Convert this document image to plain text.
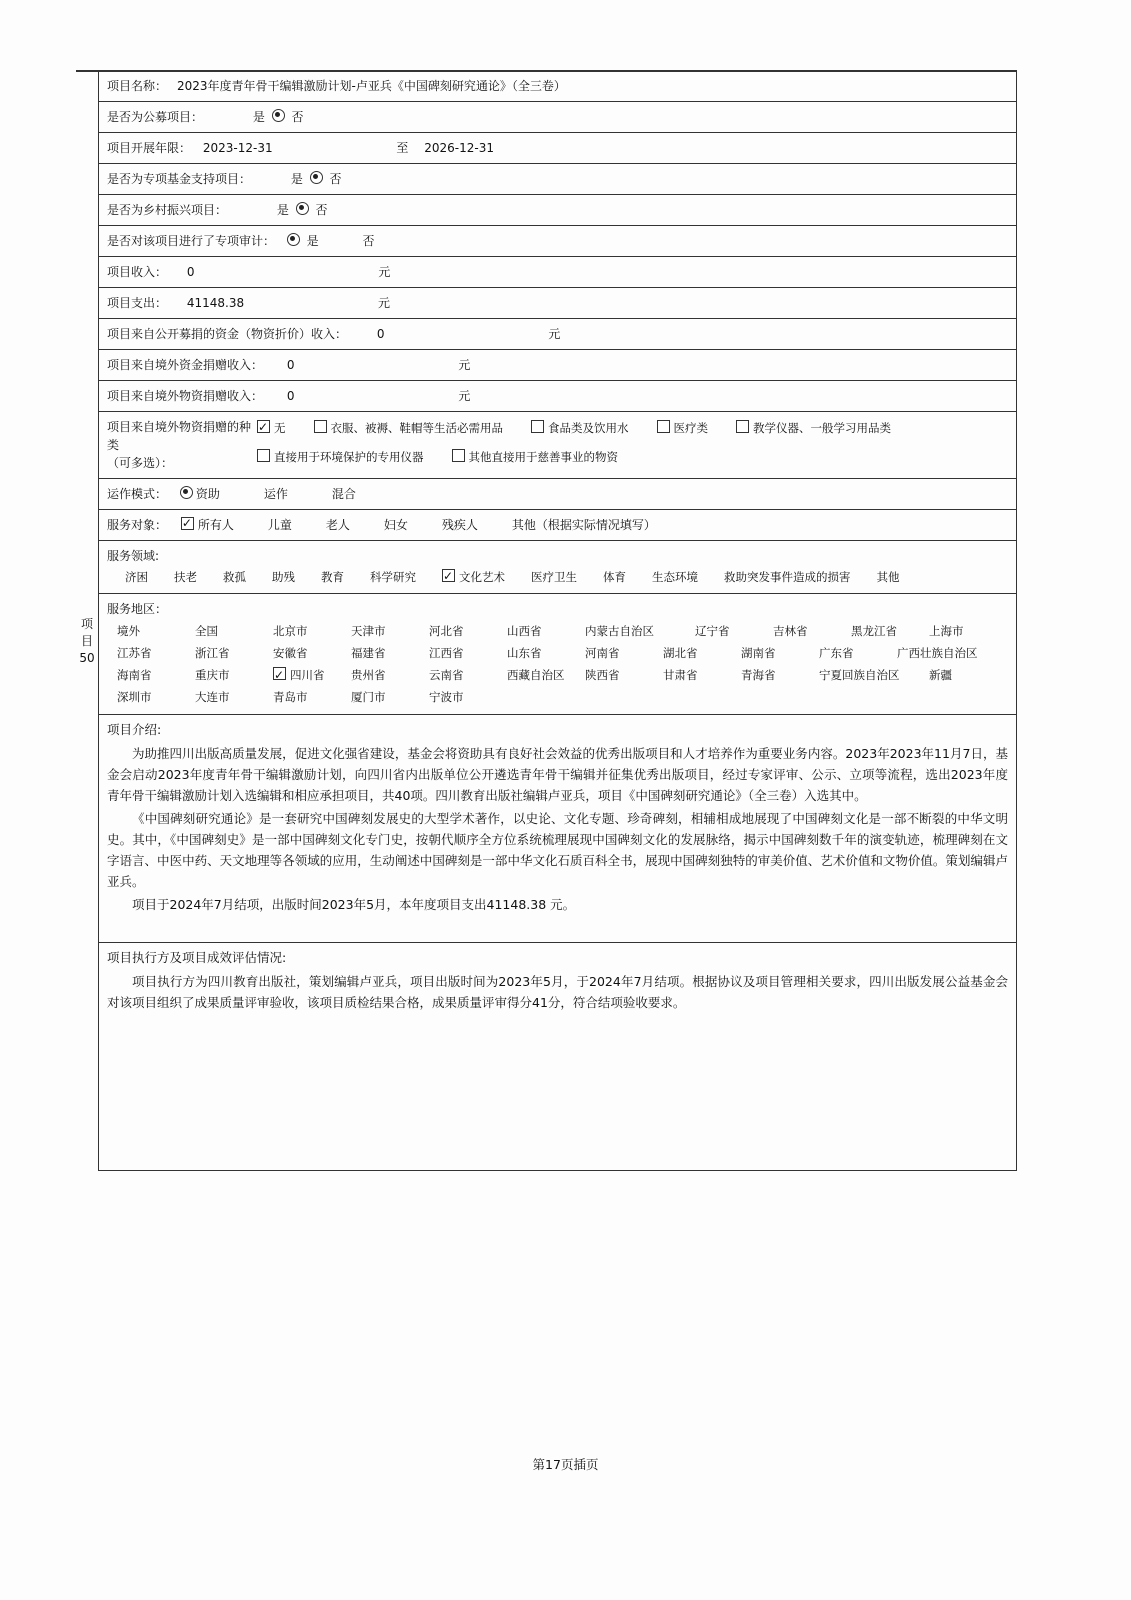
项 目 50
项目名称： 2023年度青年骨干编辑激励计划-卢亚兵《中国碑刻研究通论》（全三卷）

是否为公募项目：	是 否
项目开展年限： 2023-12-31	至 2026-12-31
是否为专项基金支持项目：	是 否
是否为乡村振兴项目：	是 否
是否对该项目进行了专项审计：	是	否
项目收入： 0	元
项目支出： 41148.38	元
项目来自公开募捐的资金（物资折价）收入： 0	元
项目来自境外资金捐赠收入： 0	元
项目来自境外物资捐赠收入： 0	元

项目来自境外物资捐赠的种类
（可多选）：
✓无	衣服、被褥、鞋帽等生活必需用品	食品类及饮用水	医疗类	教学仪器、一般学习用品类
直接用于环境保护的专用仪器	其他直接用于慈善事业的物资

运作模式： 资助	运作	混合
服务对象： ✓	所有人	儿童	老人	妇女	残疾人	其他（根据实际情况填写）

服务领域:
济困 扶老 救孤 助残 教育 科学研究 ✓	文化艺术 医疗卫生 体育 生态环境 救助突发事件造成的损害 其他

服务地区：
境外	全国	北京市	天津市	河北省	山西省	内蒙古自治区	辽宁省	吉林省	黑龙江省	上海市
江苏省	浙江省	安徽省	福建省	江西省	山东省	河南省	湖北省	湖南省	广东省	广西壮族自治区
海南省	重庆市 ✓	四川省	贵州省	云南省	西藏自治区	陕西省	甘肃省	青海省	宁夏回族自治区	新疆
深圳市	大连市	青岛市	厦门市	宁波市

项目介绍:

为助推四川出版高质量发展，促进文化强省建设，基金会将资助具有良好社会效益的优秀出版项目和人才培养作为重要业务内容。2023年2023年11月7日，基金会启动2023年度青年骨干编辑激励计划，向四川省内出版单位公开遴选青年骨干编辑并征集优秀出版项目，经过专家评审、公示、立项等流程，选出2023年度青年骨干编辑激励计划入选编辑和相应承担项目，共40项。四川教育出版社编辑卢亚兵，项目《中国碑刻研究通论》（全三卷）入选其中。

《中国碑刻研究通论》是一套研究中国碑刻发展史的大型学术著作，以史论、文化专题、珍奇碑刻，相辅相成地展现了中国碑刻文化是一部不断裂的中华文明史。其中，《中国碑刻史》是一部中国碑刻文化专门史，按朝代顺序全方位系统梳理展现中国碑刻文化的发展脉络，揭示中国碑刻数千年的演变轨迹，梳理碑刻在文字语言、中医中药、天文地理等各领域的应用，生动阐述中国碑刻是一部中华文化石质百科全书，展现中国碑刻独特的审美价值、艺术价值和文物价值。策划编辑卢亚兵。

项目于2024年7月结项，出版时间2023年5月，本年度项目支出41148.38 元。

项目执行方及项目成效评估情况:

项目执行方为四川教育出版社，策划编辑卢亚兵，项目出版时间为2023年5月，于2024年7月结项。根据协议及项目管理相关要求，四川出版发展公益基金会对该项目组织了成果质量评审验收，该项目质检结果合格，成果质量评审得分41分，符合结项验收要求。

第17页插页
